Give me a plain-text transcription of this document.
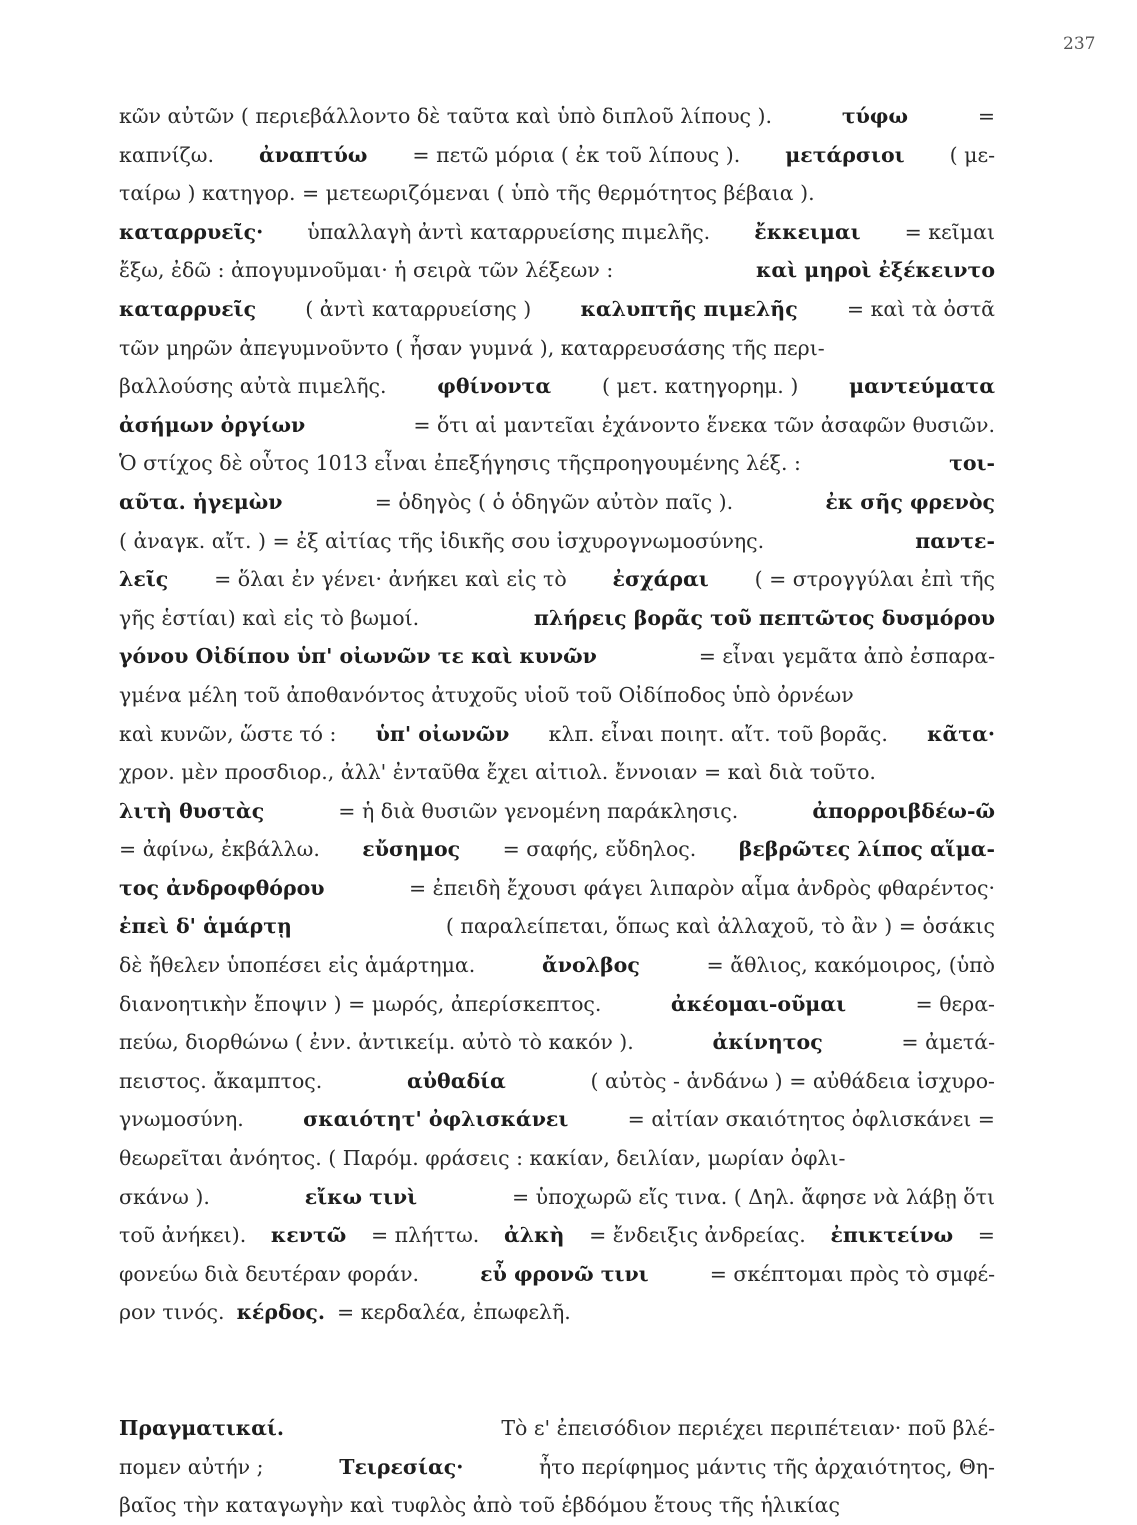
237
κῶν αὐτῶν ( περιεβάλλοντο δὲ ταῦτα καὶ ὑπὸ διπλοῦ λίπους ).	τύφω	=
καπνίζω. ἀναπτύω = πετῶ μόρια ( ἐκ τοῦ λίπους ). μετάρσιοι ( με-
ταίρω ) κατηγορ. = μετεωριζόμεναι ( ὑπὸ τῆς θερμότητος βέβαια ).
καταρρυεῖς· ὑπαλλαγὴ ἀντὶ καταρρυείσης πιμελῆς. ἔκκειμαι = κεῖμαι
ἔξω, ἐδῶ : ἀπογυμνοῦμαι· ἡ σειρὰ τῶν λέξεων :	καὶ μηροὶ ἐξέκειντο
καταρρυεῖς ( ἀντὶ καταρρυείσης ) καλυπτῆς πιμελῆς = καὶ τὰ ὀστᾶ
τῶν μηρῶν ἀπεγυμνοῦντο ( ἦσαν γυμνά ), καταρρευσάσης τῆς περι-
βαλλούσης αὐτὰ πιμελῆς. φθίνοντα ( μετ. κατηγορημ. ) μαντεύματα
ἀσήμων ὀργίων	= ὅτι αἱ μαντεῖαι ἐχάνοντο ἕνεκα τῶν ἀσαφῶν θυσιῶν.
Ὁ στίχος δὲ οὗτος 1013 εἶναι ἐπεξήγησις τῆςπροηγουμένης λέξ. :	τοι-
αῦτα. ἡγεμὼν	= ὁδηγὸς ( ὁ ὁδηγῶν αὐτὸν παῖς ).	ἐκ σῆς φρενὸς
( ἀναγκ. αἴτ. ) = ἐξ αἰτίας τῆς ἰδικῆς σου ἰσχυρογνωμοσύνης.	παντε-
λεῖς = ὅλαι ἐν γένει· ἀνήκει καὶ εἰς τὸ ἐσχάραι ( = στρογγύλαι ἐπὶ τῆς
γῆς ἑστίαι) καὶ εἰς τὸ βωμοί.	πλήρεις βορᾶς τοῦ πεπτῶτος δυσμόρου
γόνου Οἰδίπου ὑπ' οἰωνῶν τε καὶ κυνῶν	= εἶναι γεμᾶτα ἀπὸ ἐσπαρα-
γμένα μέλη τοῦ ἀποθανόντος ἀτυχοῦς υἱοῦ τοῦ Οἰδίποδος ὑπὸ ὀρνέων
καὶ κυνῶν, ὥστε τό : ὑπ' οἰωνῶν κλπ. εἶναι ποιητ. αἴτ. τοῦ βορᾶς. κᾶτα·
χρον. μὲν προσδιορ., ἀλλ' ἐνταῦθα ἔχει αἰτιολ. ἔννοιαν = καὶ διὰ τοῦτο.
λιτὴ θυστὰς	= ἡ διὰ θυσιῶν γενομένη παράκλησις.	ἀπορροιβδέω-ῶ
= ἀφίνω, ἐκβάλλω. εὔσημος = σαφής, εὔδηλος. βεβρῶτες λίπος αἵμα-
τος ἀνδροφθόρου	= ἐπειδὴ ἔχουσι φάγει λιπαρὸν αἷμα ἀνδρὸς φθαρέντος·
ἐπεὶ δ' ἁμάρτῃ	( παραλείπεται, ὅπως καὶ ἀλλαχοῦ, τὸ ἂν ) = ὁσάκις
δὲ ἤθελεν ὑποπέσει εἰς ἁμάρτημα.	ἄνολβος	= ἄθλιος, κακόμοιρος, (ὑπὸ
διανοητικὴν ἔποψιν ) = μωρός, ἀπερίσκεπτος.	ἀκέομαι-οῦμαι	= θερα-
πεύω, διορθώνω ( ἐνν. ἀντικείμ. αὐτὸ τὸ κακόν ).	ἀκίνητος	= ἀμετά-
πειστος. ἄκαμπτος.	αὐθαδία	( αὐτὸς - ἁνδάνω ) = αὐθάδεια ἰσχυρο-
γνωμοσύνη.	σκαιότητ' ὀφλισκάνει	= αἰτίαν σκαιότητος ὀφλισκάνει =
θεωρεῖται ἀνόητος. ( Παρόμ. φράσεις : κακίαν, δειλίαν, μωρίαν ὀφλι-
σκάνω ).	εἴκω τινὶ	= ὑποχωρῶ εἴς τινα. ( Δηλ. ἄφησε νὰ λάβῃ ὅτι
τοῦ ἀνήκει). κεντῶ = πλήττω. ἀλκὴ = ἔνδειξις ἀνδρείας. ἐπικτείνω =
φονεύω διὰ δευτέραν φοράν.	εὖ φρονῶ τινι	= σκέπτομαι πρὸς τὸ σμφέ-
ρον τινός. κέρδος. = κερδαλέα, ἐπωφελῆ.
Πραγματικαί.	Τὸ ε' ἐπεισόδιον περιέχει περιπέτειαν· ποῦ βλέ-
πομεν αὐτήν ;	Τειρεσίας·	ἦτο περίφημος μάντις τῆς ἀρχαιότητος, Θη-
βαῖος τὴν καταγωγὴν καὶ τυφλὸς ἀπὸ τοῦ ἑβδόμου ἔτους τῆς ἡλικίας
